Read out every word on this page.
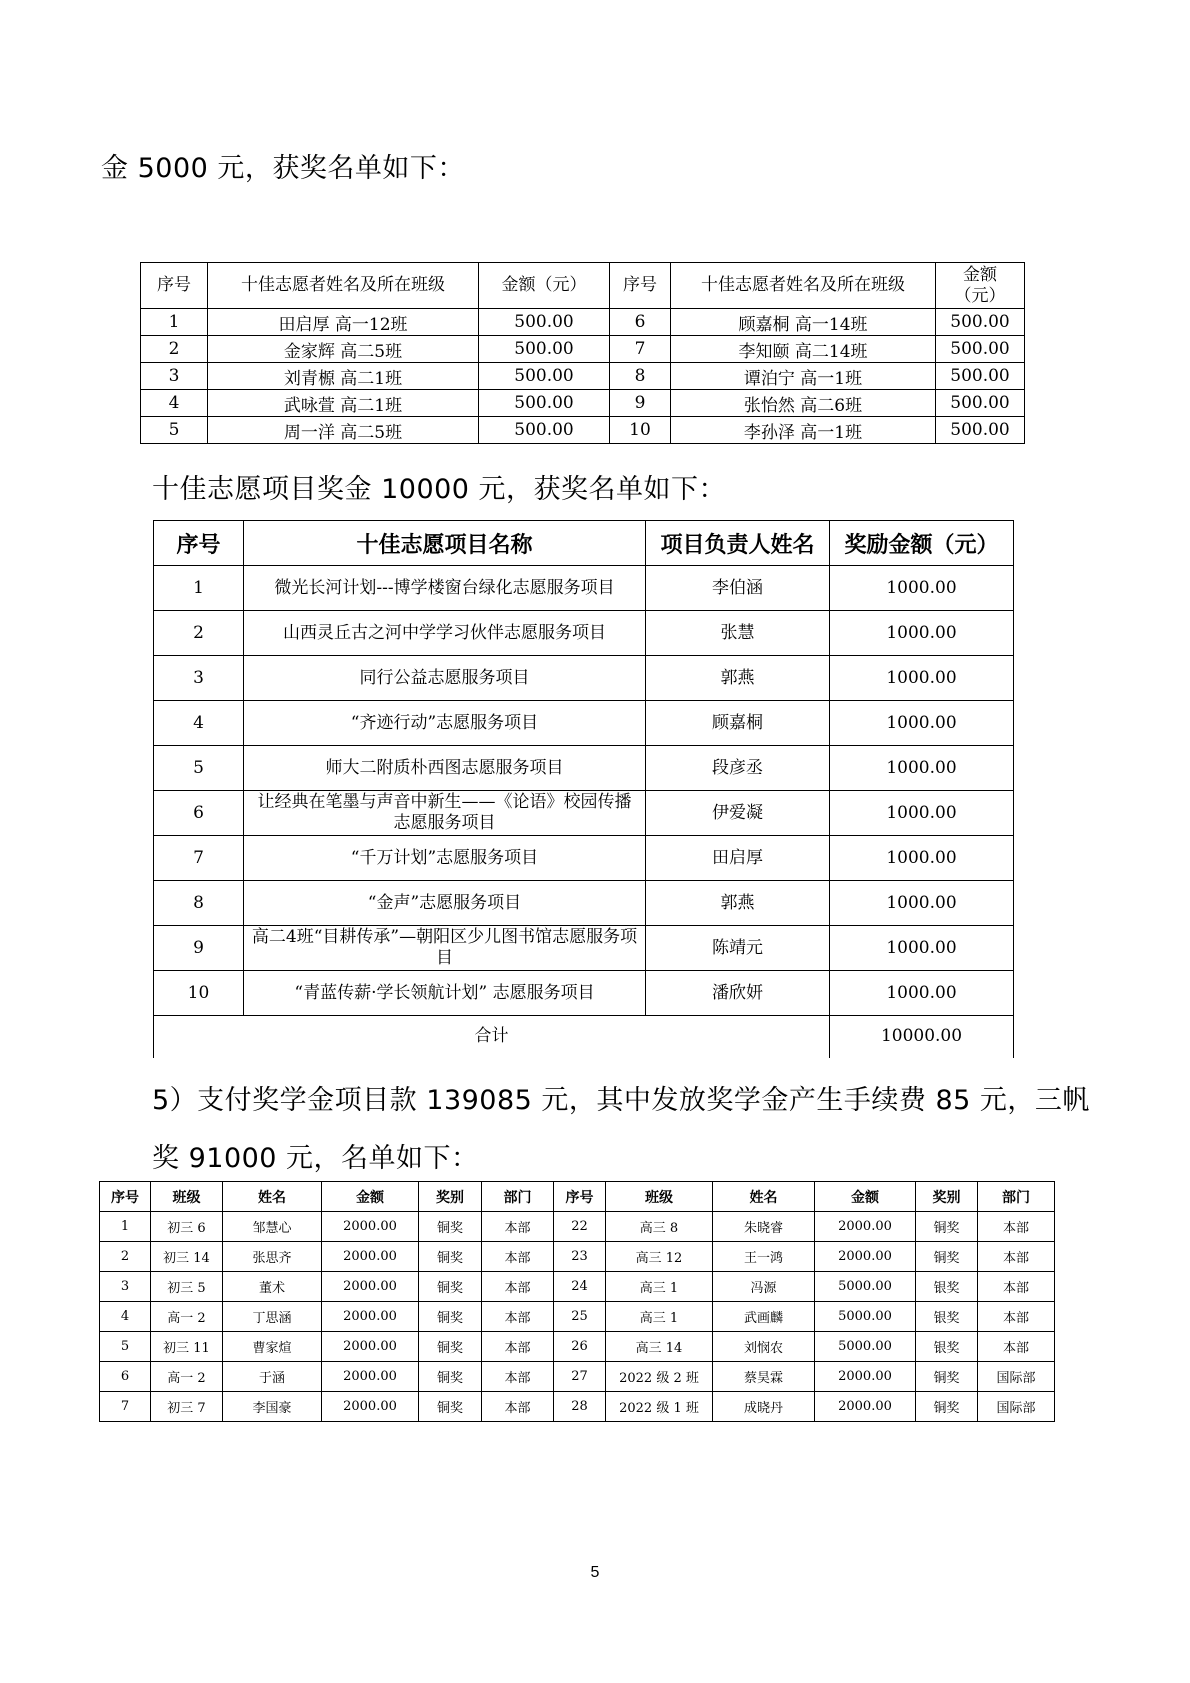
金 5000 元，获奖名单如下：
序号	十佳志愿者姓名及所在班级	金额（元）	序号	十佳志愿者姓名及所在班级	金额
（元）
1	田启厚 高一12班	500.00	6	顾嘉桐 高一14班	500.00
2	金家辉 高二5班	500.00	7	李知颐 高二14班	500.00
3	刘青榞 高二1班	500.00	8	谭泊宁 高一1班	500.00
4	武咏萱 高二1班	500.00	9	张怡然 高二6班	500.00
5	周一洋 高二5班	500.00	10	李孙泽 高一1班	500.00
十佳志愿项目奖金 10000 元，获奖名单如下：
序号	十佳志愿项目名称	项目负责人姓名	奖励金额（元）
1	微光长河计划---博学楼窗台绿化志愿服务项目	李伯涵	1000.00
2	山西灵丘古之河中学学习伙伴志愿服务项目	张慧	1000.00
3	同行公益志愿服务项目	郭燕	1000.00
4	“齐迹行动”志愿服务项目	顾嘉桐	1000.00
5	师大二附质朴西图志愿服务项目	段彦丞	1000.00
6	让经典在笔墨与声音中新生——《论语》校园传播志愿服务项目	伊爱凝	1000.00
7	“千万计划”志愿服务项目	田启厚	1000.00
8	“金声”志愿服务项目	郭燕	1000.00
9	高二4班“目耕传承”—朝阳区少儿图书馆志愿服务项目	陈靖元	1000.00
10	“青蓝传薪·学长领航计划” 志愿服务项目	潘欣妍	1000.00
合计			10000.00
5）支付奖学金项目款 139085 元，其中发放奖学金产生手续费 85 元，三帆
奖 91000 元，名单如下：
序号	班级	姓名	金额	奖别	部门	序号	班级	姓名	金额	奖别	部门
1	初三 6	邹慧心	2000.00	铜奖	本部	22	高三 8	朱晓睿	2000.00	铜奖	本部
2	初三 14	张思齐	2000.00	铜奖	本部	23	高三 12	王一鸿	2000.00	铜奖	本部
3	初三 5	董术	2000.00	铜奖	本部	24	高三 1	冯源	5000.00	银奖	本部
4	高一 2	丁思涵	2000.00	铜奖	本部	25	高三 1	武画麟	5000.00	银奖	本部
5	初三 11	曹家煊	2000.00	铜奖	本部	26	高三 14	刘悯农	5000.00	银奖	本部
6	高一 2	于涵	2000.00	铜奖	本部	27	2022 级 2 班	蔡昊霖	2000.00	铜奖	国际部
7	初三 7	李国豪	2000.00	铜奖	本部	28	2022 级 1 班	成晓丹	2000.00	铜奖	国际部
5
